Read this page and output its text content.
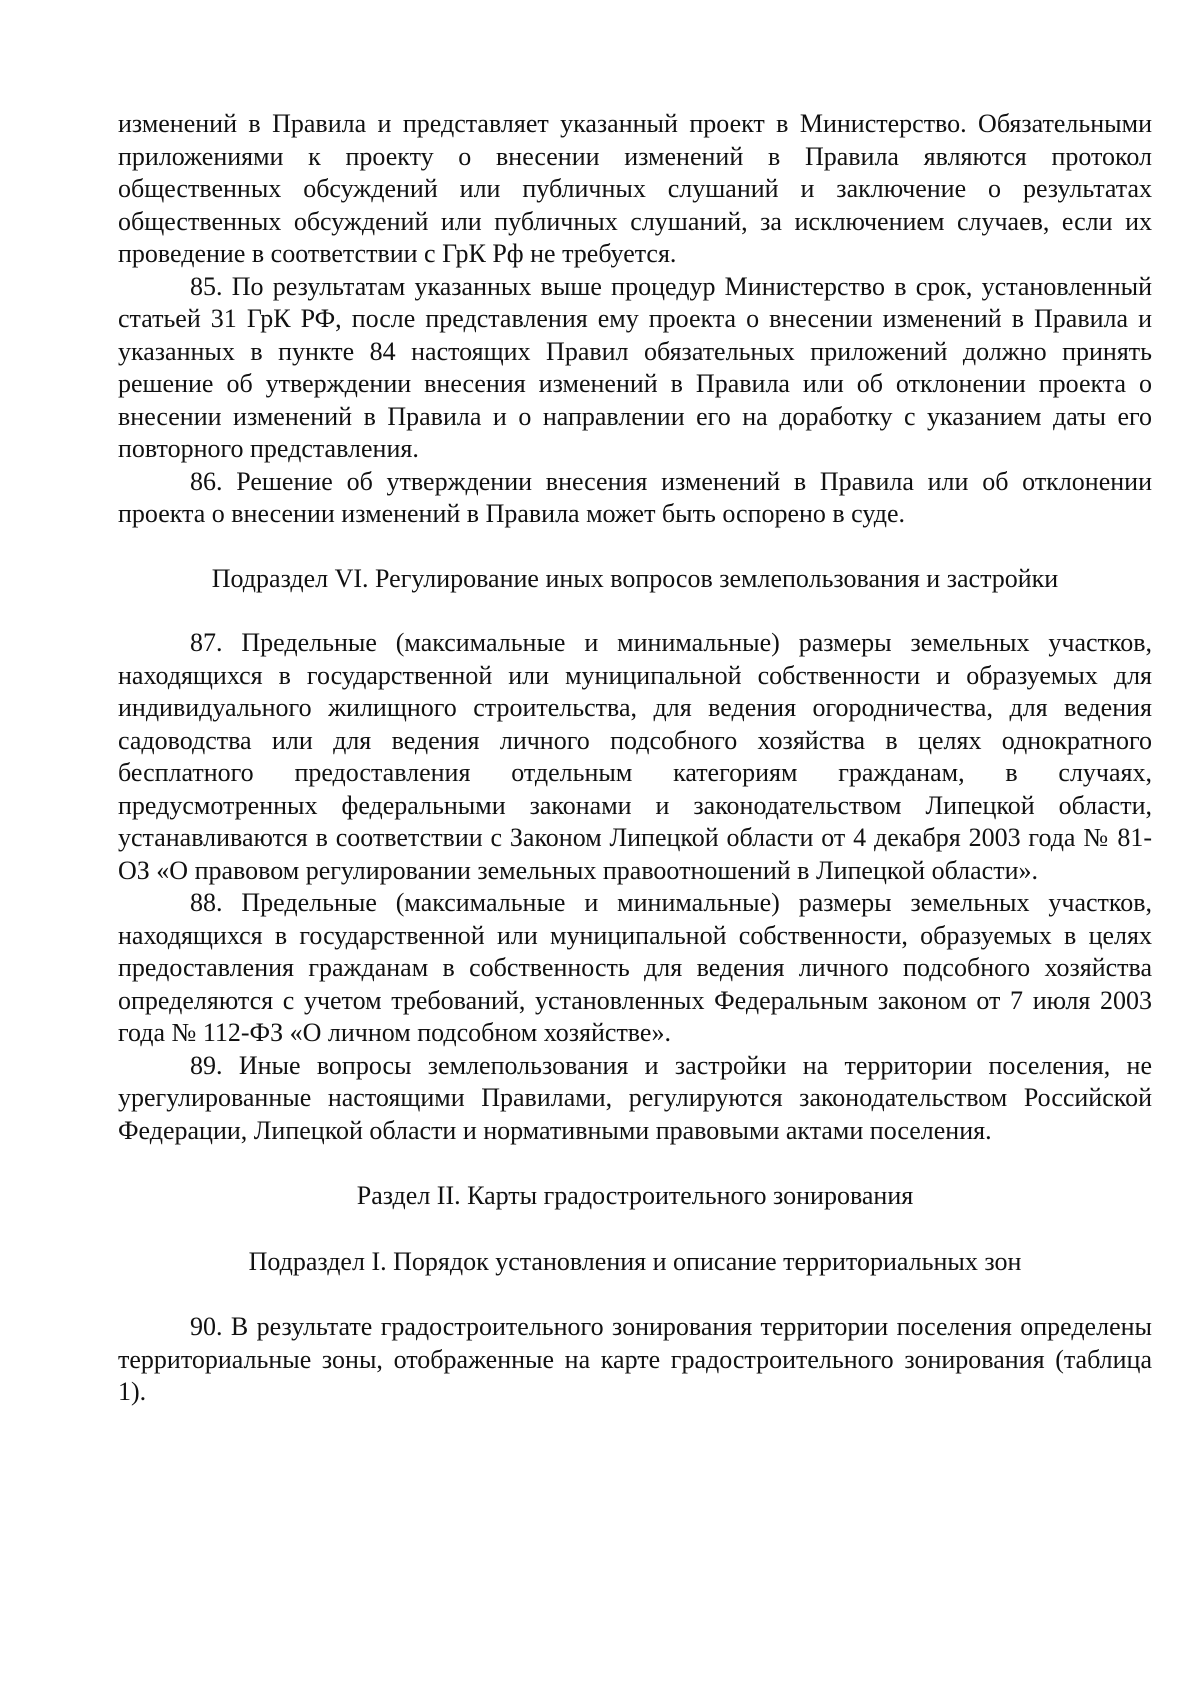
изменений в Правила и представляет указанный проект в Министерство. Обязательными приложениями к проекту о внесении изменений в Правила являются протокол общественных обсуждений или публичных слушаний и заключение о результатах общественных обсуждений или публичных слушаний, за исключением случаев, если их проведение в соответствии с ГрК Рф не требуется.

85. По результатам указанных выше процедур Министерство в срок, установленный статьей 31 ГрК РФ, после представления ему проекта о внесении изменений в Правила и указанных в пункте 84 настоящих Правил обязательных приложений должно принять решение об утверждении внесения изменений в Правила или об отклонении проекта о внесении изменений в Правила и о направлении его на доработку с указанием даты его повторного представления.

86. Решение об утверждении внесения изменений в Правила или об отклонении проекта о внесении изменений в Правила может быть оспорено в суде.

Подраздел VI. Регулирование иных вопросов землепользования и застройки

87. Предельные (максимальные и минимальные) размеры земельных участков, находящихся в государственной или муниципальной собственности и образуемых для индивидуального жилищного строительства, для ведения огородничества, для ведения садоводства или для ведения личного подсобного хозяйства в целях однократного бесплатного предоставления отдельным категориям гражданам, в случаях, предусмотренных федеральными законами и законодательством Липецкой области, устанавливаются в соответствии с Законом Липецкой области от 4 декабря 2003 года № 81-ОЗ «О правовом регулировании земельных правоотношений в Липецкой области».

88. Предельные (максимальные и минимальные) размеры земельных участков, находящихся в государственной или муниципальной собственности, образуемых в целях предоставления гражданам в собственность для ведения личного подсобного хозяйства определяются с учетом требований, установленных Федеральным законом от 7 июля 2003 года № 112-ФЗ «О личном подсобном хозяйстве».

89. Иные вопросы землепользования и застройки на территории поселения, не урегулированные настоящими Правилами, регулируются законодательством Российской Федерации, Липецкой области и нормативными правовыми актами поселения.

Раздел II. Карты градостроительного зонирования

Подраздел I. Порядок установления и описание территориальных зон

90. В результате градостроительного зонирования территории поселения определены территориальные зоны, отображенные на карте градостроительного зонирования (таблица 1).
